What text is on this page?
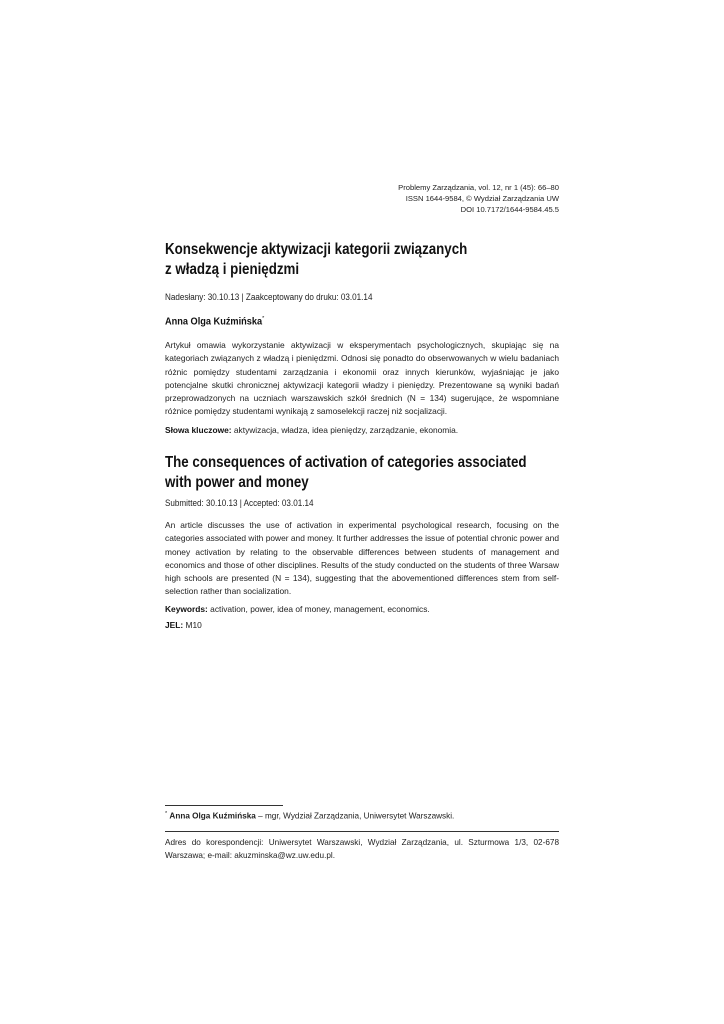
Problemy Zarządzania, vol. 12, nr 1 (45): 66–80
ISSN 1644-9584, © Wydział Zarządzania UW
DOI 10.7172/1644-9584.45.5
Konsekwencje aktywizacji kategorii związanych
z władzą i pieniędzmi
Nadesłany: 30.10.13 | Zaakceptowany do druku: 03.01.14
Anna Olga Kuźmińska*

Artykuł omawia wykorzystanie aktywizacji w eksperymentach psychologicznych, skupiając się na kategoriach związanych z władzą i pieniędzmi. Odnosi się ponadto do obserwowanych w wielu badaniach różnic pomiędzy studentami zarządzania i ekonomii oraz innych kierunków, wyjaśniając je jako potencjalne skutki chronicznej aktywizacji kategorii władzy i pieniędzy. Prezentowane są wyniki badań przeprowadzonych na uczniach warszawskich szkół średnich (N = 134) sugerujące, że wspomniane różnice pomiędzy studentami wynikają z samoselekcji raczej niż socjalizacji.

Słowa kluczowe: aktywizacja, władza, idea pieniędzy, zarządzanie, ekonomia.
The consequences of activation of categories associated
with power and money
Submitted: 30.10.13 | Accepted: 03.01.14

An article discusses the use of activation in experimental psychological research, focusing on the categories associated with power and money. It further addresses the issue of potential chronic power and money activation by relating to the observable differences between students of management and economics and those of other disciplines. Results of the study conducted on the students of three Warsaw high schools are presented (N = 134), suggesting that the abovementioned differences stem from self-selection rather than socialization.

Keywords: activation, power, idea of money, management, economics.
JEL: M10
* Anna Olga Kuźmińska – mgr, Wydział Zarządzania, Uniwersytet Warszawski.

Adres do korespondencji: Uniwersytet Warszawski, Wydział Zarządzania, ul. Szturmowa 1/3, 02-678 Warszawa; e-mail: akuzminska@wz.uw.edu.pl.
